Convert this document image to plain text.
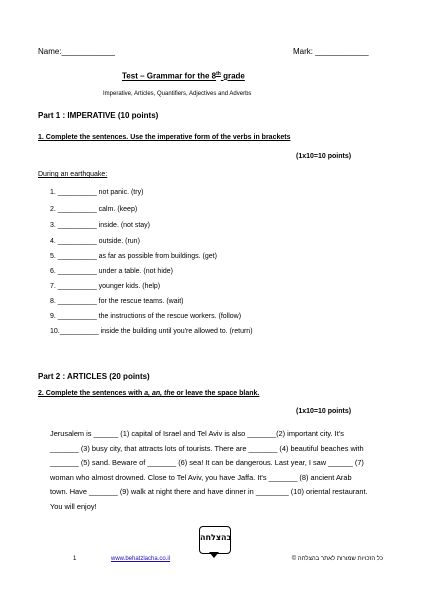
Name:____________	Mark: ____________
Test – Grammar for the 8th grade
Imperative, Articles, Quantifiers, Adjectives and Adverbs
Part 1 : IMPERATIVE (10 points)
1. Complete the sentences. Use the imperative form of the verbs in brackets
(1x10=10 points)
During an earthquake:
1. __________ not panic. (try)
2. __________ calm. (keep)
3. __________ inside. (not stay)
4. __________ outside. (run)
5. __________ as far as possible from buildings. (get)
6. __________ under a table. (not hide)
7. __________ younger kids. (help)
8. __________ for the rescue teams. (wait)
9. __________ the instructions of the rescue workers. (follow)
10.__________ inside the building until you're allowed to. (return)
Part 2 : ARTICLES (20 points)
2. Complete the sentences with a, an, the or leave the space blank.
(1x10=10 points)
Jerusalem is ______ (1) capital of Israel and Tel Aviv is also _______(2) important city. It's _______ (3) busy city, that attracts lots of tourists. There are _______ (4) beautiful beaches with _______ (5) sand. Beware of _______ (6) sea! It can be dangerous. Last year, I saw ______ (7) woman who almost drowned. Close to Tel Aviv, you have Jaffa. It's _______ (8) ancient Arab town. Have _______ (9) walk at night there and have dinner in ________ (10) oriental restaurant. You will enjoy!
בהצלחה
1	www.behatzlacha.co.il	כל הזכויות שמורות לאתר בהצלחה ©
